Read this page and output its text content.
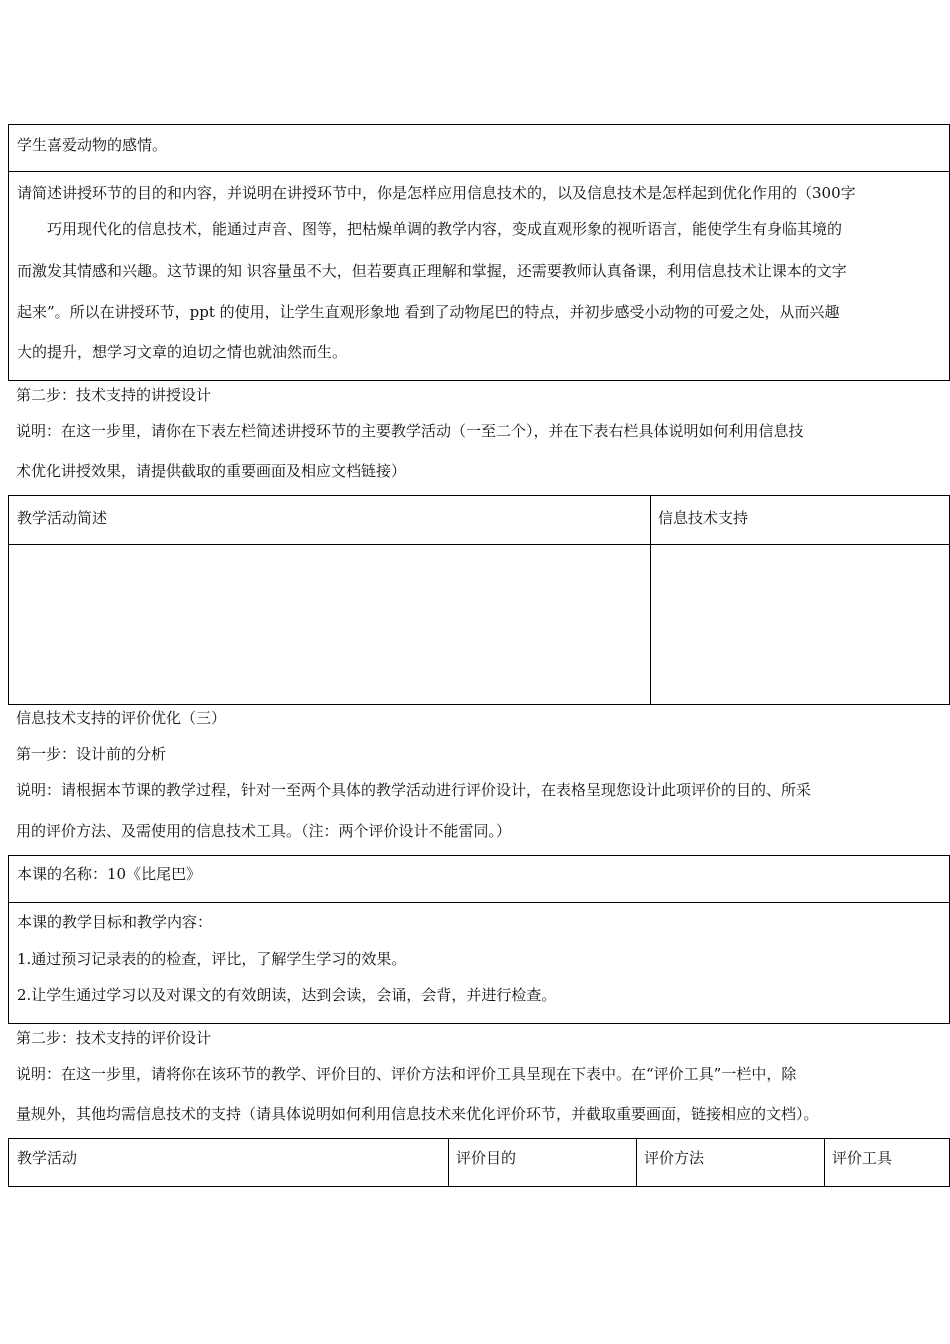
学生喜爱动物的感情。
请简述讲授环节的目的和内容，并说明在讲授环节中，你是怎样应用信息技术的，以及信息技术是怎样起到优化作用的（300字
巧用现代化的信息技术，能通过声音、图等，把枯燥单调的教学内容，变成直观形象的视听语言，能使学生有身临其境的
而激发其情感和兴趣。这节课的知 识容量虽不大，但若要真正理解和掌握，还需要教师认真备课，利用信息技术让课本的文字
起来”。所以在讲授环节，ppt 的使用，让学生直观形象地 看到了动物尾巴的特点，并初步感受小动物的可爱之处，从而兴趣
大的提升，想学习文章的迫切之情也就油然而生。
第二步：技术支持的讲授设计
说明：在这一步里，请你在下表左栏简述讲授环节的主要教学活动（一至二个），并在下表右栏具体说明如何利用信息技
术优化讲授效果，请提供截取的重要画面及相应文档链接）
教学活动简述	信息技术支持
信息技术支持的评价优化（三）
第一步：设计前的分析
说明：请根据本节课的教学过程，针对一至两个具体的教学活动进行评价设计，在表格呈现您设计此项评价的目的、所采
用的评价方法、及需使用的信息技术工具。（注：两个评价设计不能雷同。）
本课的名称：10《比尾巴》
本课的教学目标和教学内容：
1.通过预习记录表的的检查，评比，了解学生学习的效果。
2.让学生通过学习以及对课文的有效朗读，达到会读，会诵，会背，并进行检查。
第二步：技术支持的评价设计
说明：在这一步里，请将你在该环节的教学、评价目的、评价方法和评价工具呈现在下表中。在“评价工具”一栏中，除
量规外，其他均需信息技术的支持（请具体说明如何利用信息技术来优化评价环节，并截取重要画面，链接相应的文档）。
教学活动	评价目的	评价方法	评价工具
